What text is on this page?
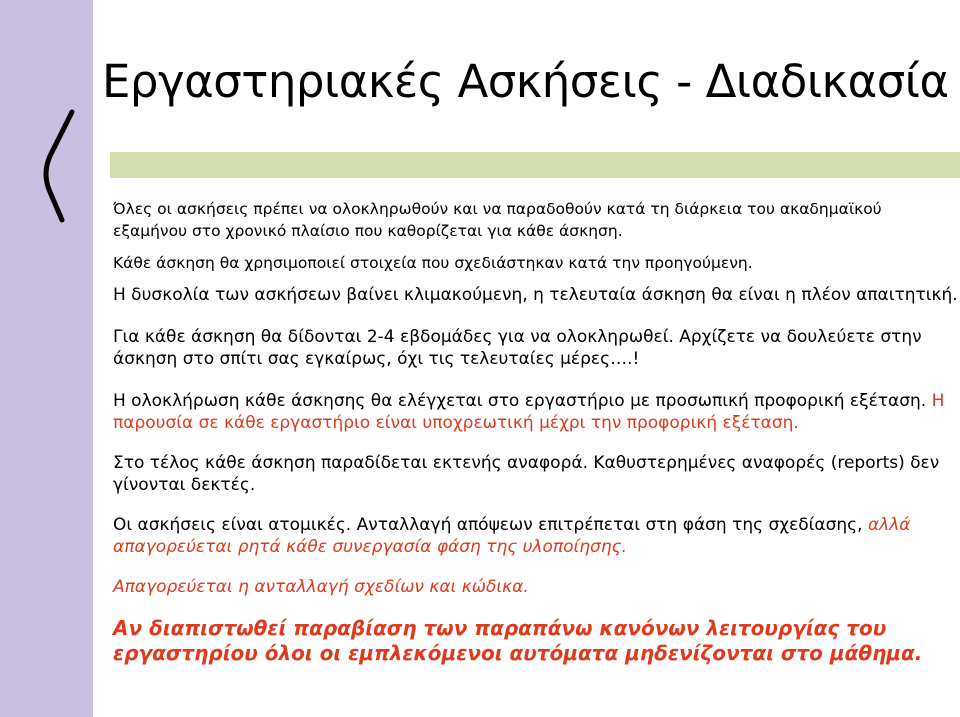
Εργαστηριακές Ασκήσεις - Διαδικασία

Όλες οι ασκήσεις πρέπει να ολοκληρωθούν και να παραδοθούν κατά τη διάρκεια του ακαδημαϊκού εξαμήνου στο χρονικό πλαίσιο που καθορίζεται για κάθε άσκηση.

Κάθε άσκηση θα χρησιμοποιεί στοιχεία που σχεδιάστηκαν κατά την προηγούμενη.

Η δυσκολία των ασκήσεων βαίνει κλιμακούμενη, η τελευταία άσκηση θα είναι η πλέον απαιτητική.

Για κάθε άσκηση θα δίδονται 2-4 εβδομάδες για να ολοκληρωθεί. Αρχίζετε να δουλεύετε στην άσκηση στο σπίτι σας εγκαίρως, όχι τις τελευταίες μέρες….!

Η ολοκλήρωση κάθε άσκησης θα ελέγχεται στο εργαστήριο με προσωπική προφορική εξέταση. Η παρουσία σε κάθε εργαστήριο είναι υποχρεωτική μέχρι την προφορική εξέταση.

Στο τέλος κάθε άσκηση παραδίδεται εκτενής αναφορά. Καθυστερημένες αναφορές (reports) δεν γίνονται δεκτές.

Οι ασκήσεις είναι ατομικές. Ανταλλαγή απόψεων επιτρέπεται στη φάση της σχεδίασης, αλλά απαγορεύεται ρητά κάθε συνεργασία φάση της υλοποίησης.

Απαγορεύεται η ανταλλαγή σχεδίων και κώδικα.

Αν διαπιστωθεί παραβίαση των παραπάνω κανόνων λειτουργίας του εργαστηρίου όλοι οι εμπλεκόμενοι αυτόματα μηδενίζονται στο μάθημα.
